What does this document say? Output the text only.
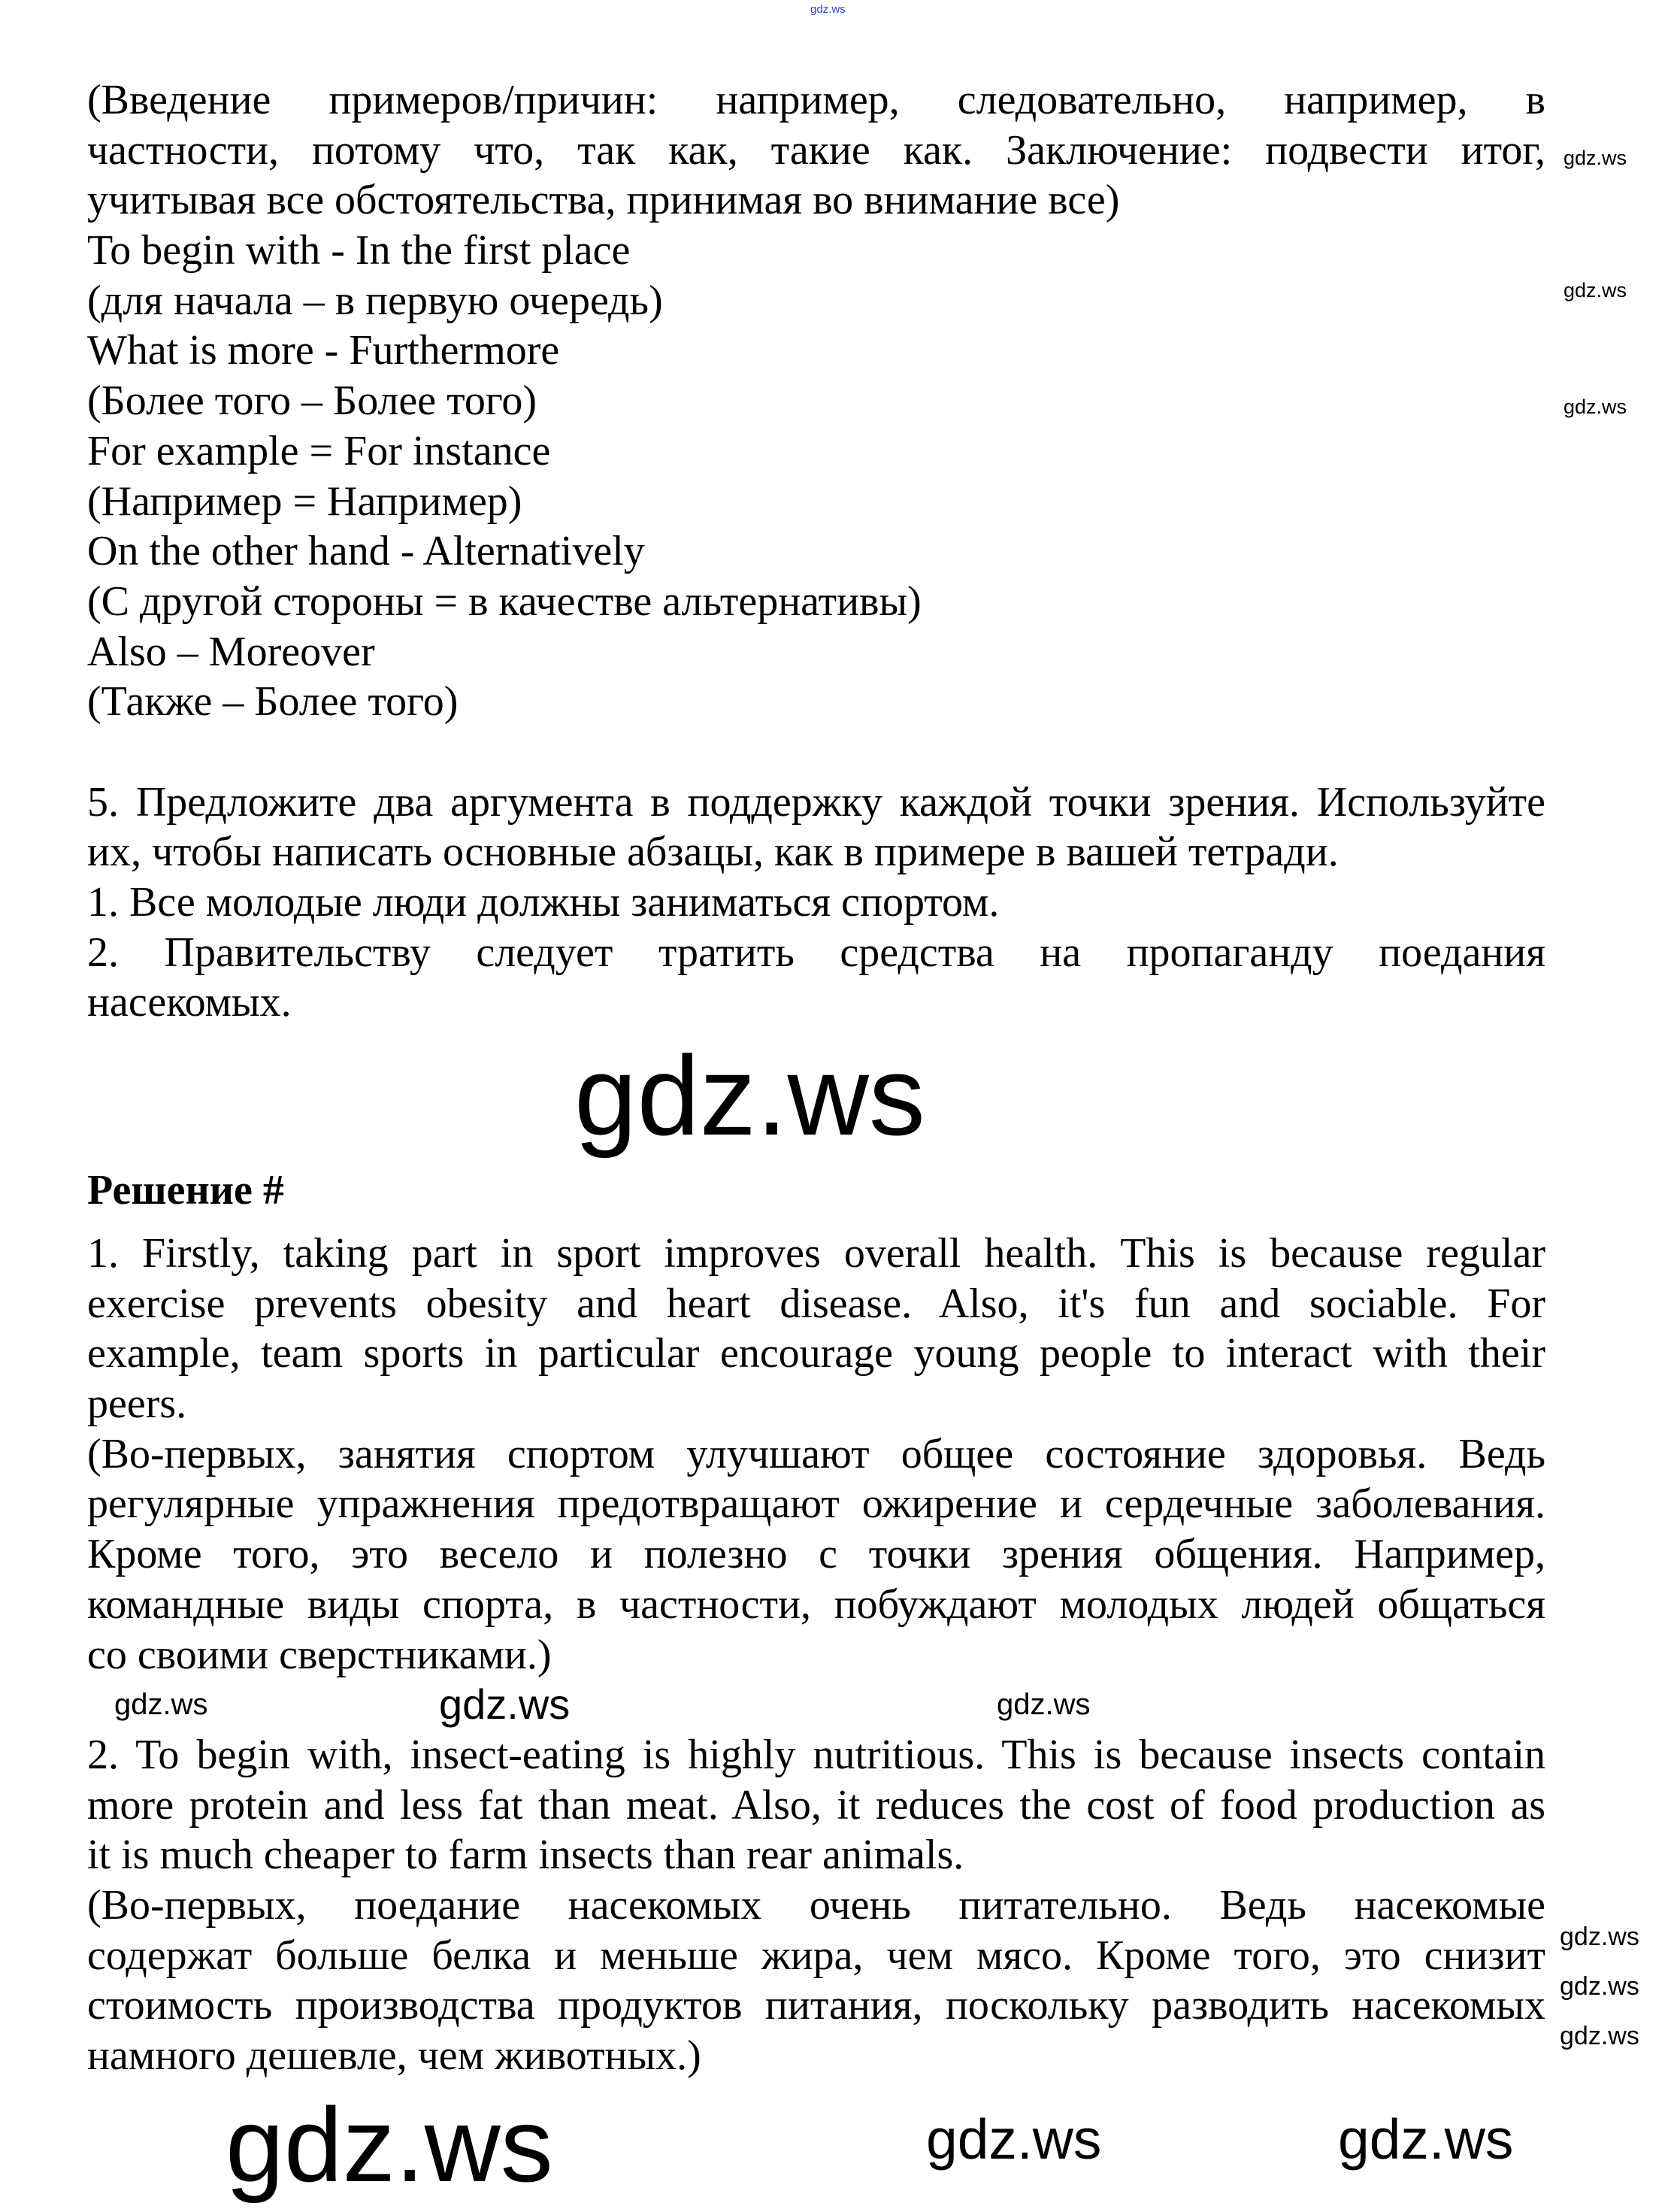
gdz.ws
(Введение примеров/причин: например, следовательно, например, в
частности, потому что, так как, такие как. Заключение: подвести итог,
учитывая все обстоятельства, принимая во внимание все)
To begin with - In the first place
(для начала – в первую очередь)
What is more - Furthermore
(Более того – Более того)
For example = For instance
(Например = Например)
On the other hand - Alternatively
(С другой стороны = в качестве альтернативы)
Also – Moreover
(Также – Более того)
5. Предложите два аргумента в поддержку каждой точки зрения. Используйте
их, чтобы написать основные абзацы, как в примере в вашей тетради.
1. Все молодые люди должны заниматься спортом.
2. Правительству следует тратить средства на пропаганду поедания
насекомых.
gdz.ws
Решение #
1. Firstly, taking part in sport improves overall health. This is because regular
exercise prevents obesity and heart disease. Also, it's fun and sociable. For
example, team sports in particular encourage young people to interact with their
peers.
(Во-первых, занятия спортом улучшают общее состояние здоровья. Ведь
регулярные упражнения предотвращают ожирение и сердечные заболевания.
Кроме того, это весело и полезно с точки зрения общения. Например,
командные виды спорта, в частности, побуждают молодых людей общаться
со своими сверстниками.)
2. To begin with, insect-eating is highly nutritious. This is because insects contain
more protein and less fat than meat. Also, it reduces the cost of food production as
it is much cheaper to farm insects than rear animals.
(Во-первых, поедание насекомых очень питательно. Ведь насекомые
содержат больше белка и меньше жира, чем мясо. Кроме того, это снизит
стоимость производства продуктов питания, поскольку разводить насекомых
намного дешевле, чем животных.)
gdz.ws	gdz.ws	gdz.ws
gdz.ws
gdz.ws
gdz.ws
gdz.ws
gdz.ws
gdz.ws
gdz.ws	gdz.ws	gdz.ws
